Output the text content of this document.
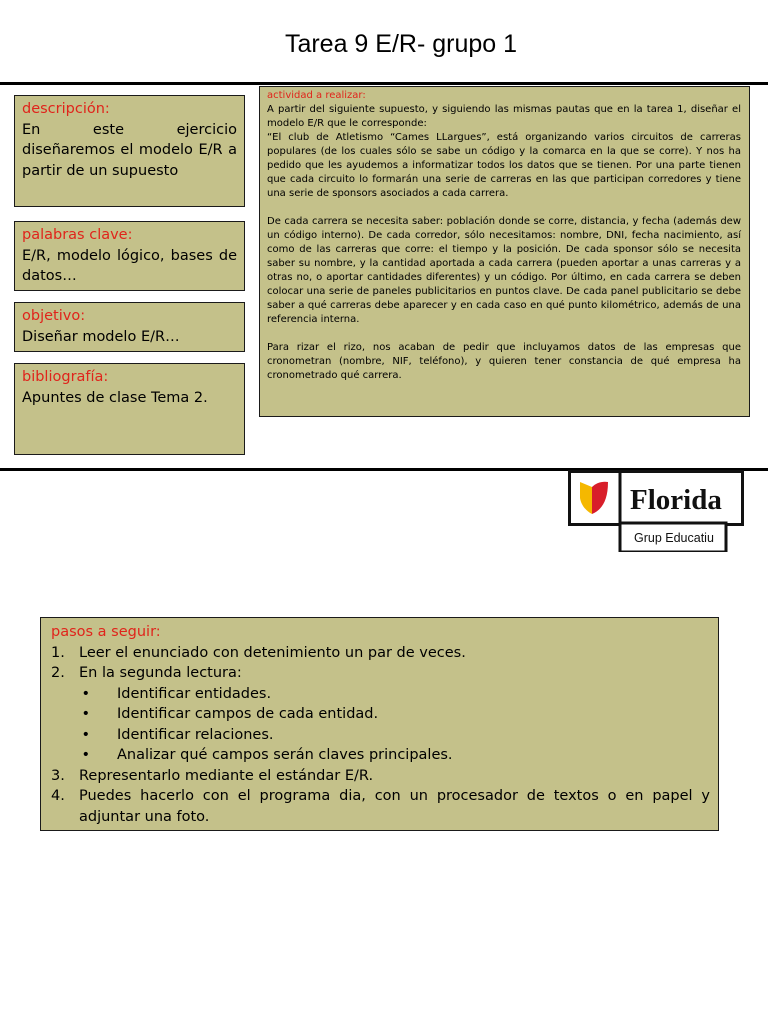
Tarea 9 E/R- grupo 1
descripción:
En este ejercicio diseñaremos el modelo E/R a partir de un supuesto
palabras clave:
E/R, modelo lógico, bases de datos…
objetivo:
Diseñar modelo E/R…
bibliografía:
Apuntes de clase Tema 2.
actividad a realizar:

A partir del siguiente supuesto, y siguiendo las mismas pautas que en la tarea 1, diseñar el modelo E/R que le corresponde:

“El club de Atletismo “Cames LLargues”, está organizando varios circuitos de carreras populares (de los cuales sólo se sabe un código y la comarca en la que se corre). Y nos ha pedido que les ayudemos a informatizar todos los datos que se tienen. Por una parte tienen que cada circuito lo formarán una serie de carreras en las que participan corredores y tiene una serie de sponsors asociados a cada carrera.

De cada carrera se necesita saber: población donde se corre, distancia, y fecha (además dew un código interno). De cada corredor, sólo necesitamos: nombre, DNI, fecha nacimiento, así como de las carreras que corre: el tiempo y la posición. De cada sponsor sólo se necesita saber su nombre, y la cantidad aportada a cada carrera (pueden aportar a unas carreras y a otras no, o aportar cantidades diferentes) y un código. Por último, en cada carrera se deben colocar una serie de paneles publicitarios en puntos clave. De cada panel publicitario se debe saber a qué carreras debe aparecer y en cada caso en qué punto kilométrico, además de una referencia interna.

Para rizar el rizo, nos acaban de pedir que incluyamos datos de las empresas que cronometran (nombre, NIF, teléfono), y quieren tener constancia de qué empresa ha cronometrado qué carrera.

Florida
Grup Educatiu
pasos a seguir:
1. Leer el enunciado con detenimiento un par de veces.
2. En la segunda lectura:
•	Identificar entidades.
•	Identificar campos de cada entidad.
•	Identificar relaciones.
•	Analizar qué campos serán claves principales.
3. Representarlo mediante el estándar E/R.
4. Puedes hacerlo con el programa dia, con un procesador de textos o en papel y adjuntar una foto.
